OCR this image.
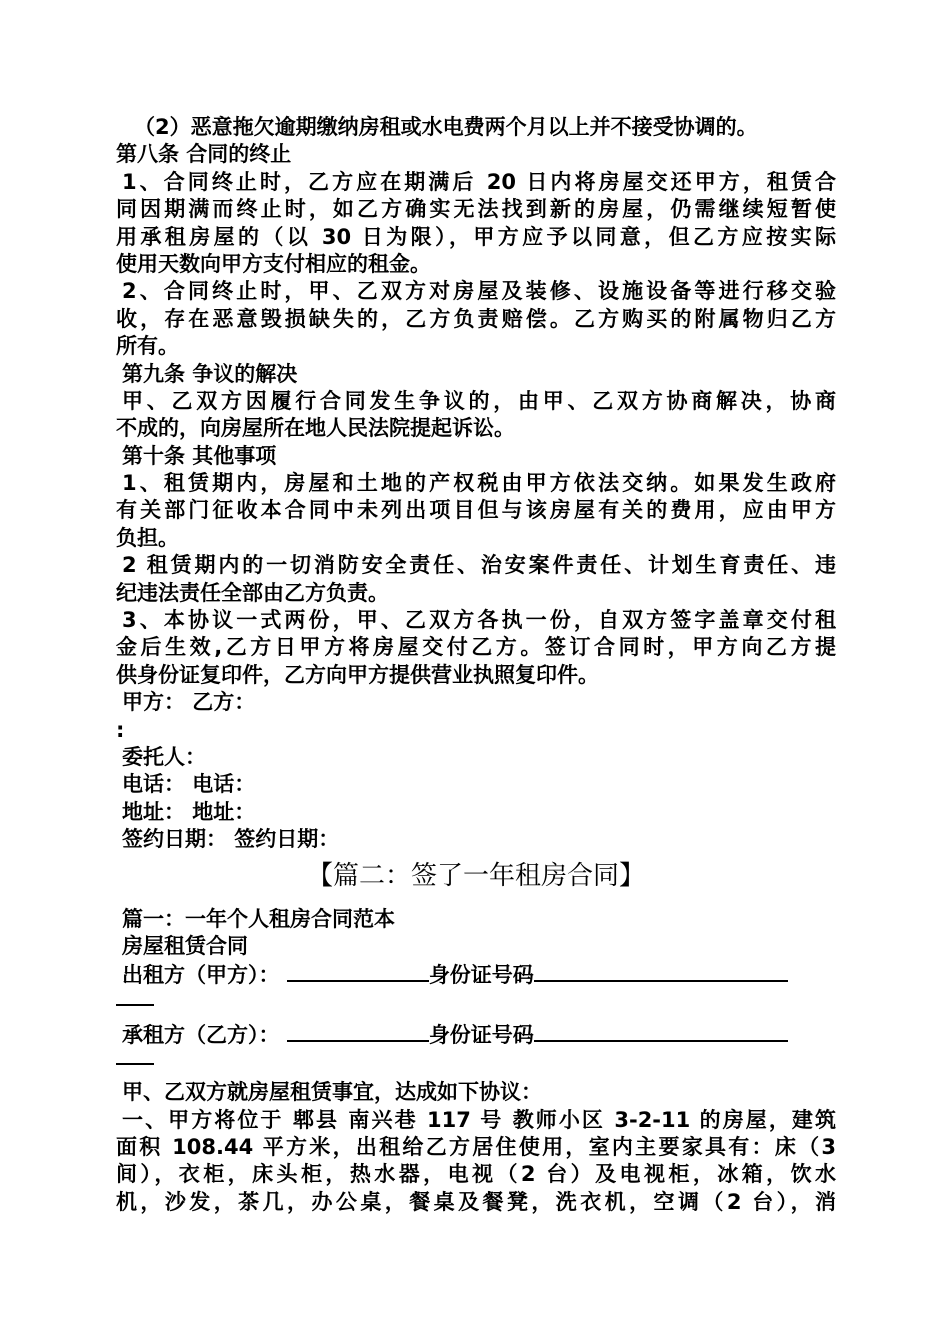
（2）恶意拖欠逾期缴纳房租或水电费两个月以上并不接受协调的。
第八条 合同的终止
1、合同终止时，乙方应在期满后 20 日内将房屋交还甲方，租赁合
同因期满而终止时，如乙方确实无法找到新的房屋，仍需继续短暂使
用承租房屋的（以 30 日为限），甲方应予以同意，但乙方应按实际
使用天数向甲方支付相应的租金。
2、合同终止时，甲、乙双方对房屋及装修、设施设备等进行移交验
收，存在恶意毁损缺失的，乙方负责赔偿。乙方购买的附属物归乙方
所有。
第九条 争议的解决
甲、乙双方因履行合同发生争议的，由甲、乙双方协商解决，协商
不成的，向房屋所在地人民法院提起诉讼。
第十条 其他事项
1、租赁期内，房屋和土地的产权税由甲方依法交纳。如果发生政府
有关部门征收本合同中未列出项目但与该房屋有关的费用，应由甲方
负担。
2 租赁期内的一切消防安全责任、治安案件责任、计划生育责任、违
纪违法责任全部由乙方负责。
3、本协议一式两份，甲、乙双方各执一份，自双方签字盖章交付租
金后生效,乙方日甲方将房屋交付乙方。签订合同时，甲方向乙方提
供身份证复印件，乙方向甲方提供营业执照复印件。
甲方： 乙方：
:
委托人：
电话： 电话：
地址： 地址：
签约日期： 签约日期：
【篇二：签了一年租房合同】
篇一：一年个人租房合同范本
房屋租赁合同
出租方（甲方）：	身份证号码
承租方（乙方）：	身份证号码
甲、乙双方就房屋租赁事宜，达成如下协议：
一、甲方将位于 郫县 南兴巷 117 号 教师小区 3-2-11 的房屋，建筑
面积 108.44 平方米，出租给乙方居住使用，室内主要家具有：床（3
间），衣柜，床头柜，热水器，电视（2 台）及电视柜，冰箱，饮水
机，沙发，茶几，办公桌，餐桌及餐凳，洗衣机，空调（2 台），消
